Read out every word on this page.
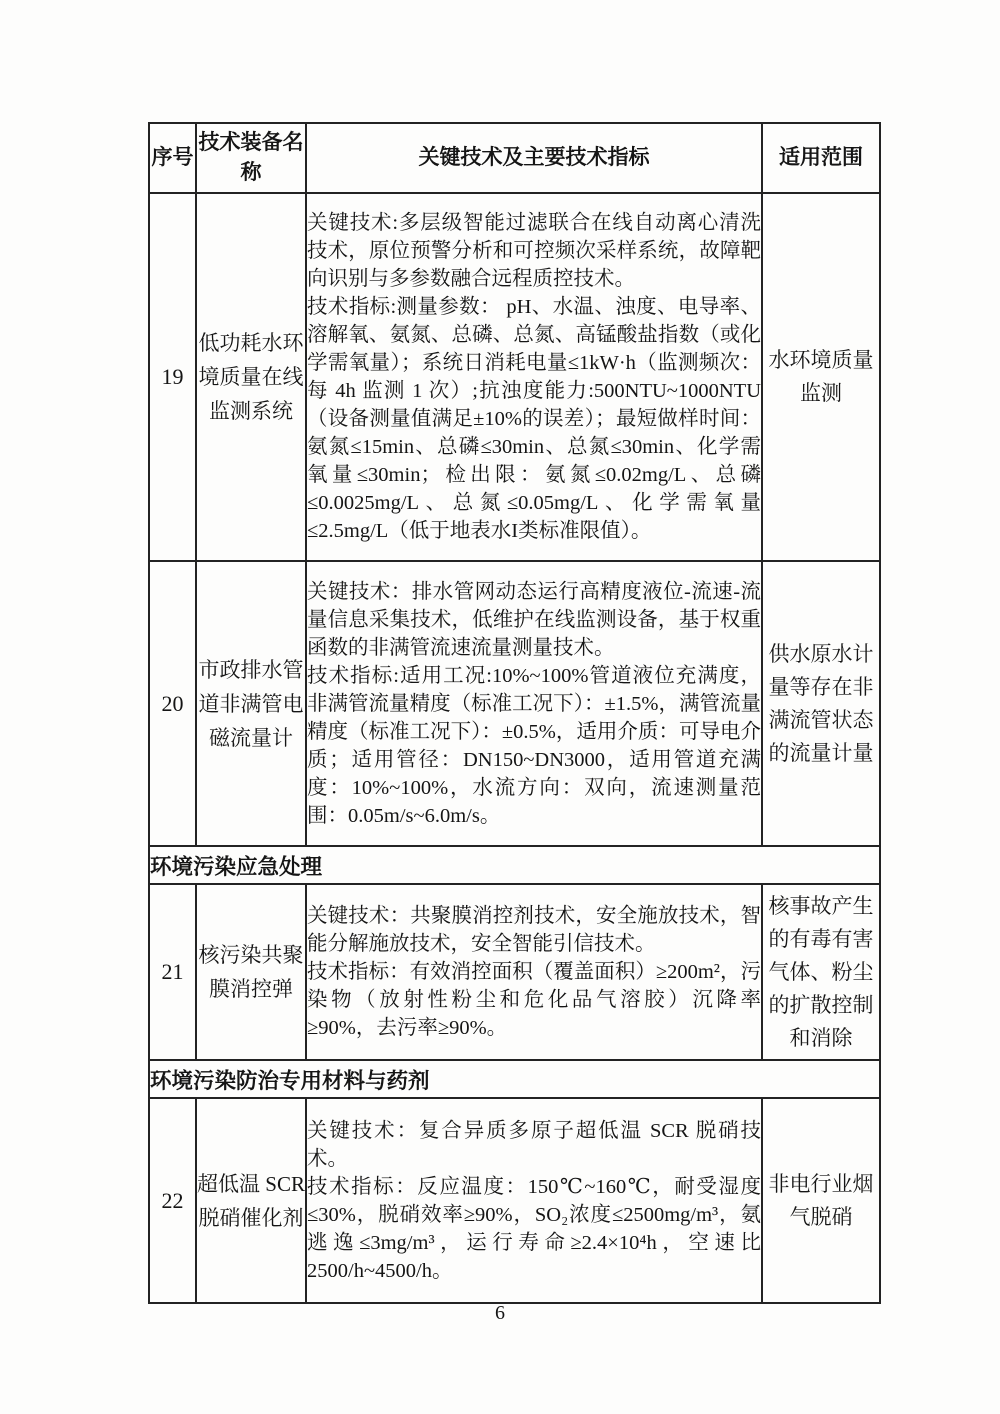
序号	技术装备名称	关键技术及主要技术指标	适用范围
19	低功耗水环境质量在线监测系统	关键技术:多层级智能过滤联合在线自动离心清洗技术，原位预警分析和可控频次采样系统，故障靶向识别与多参数融合远程质控技术。

技术指标:测量参数： pH、水温、浊度、电导率、溶解氧、氨氮、总磷、总氮、高锰酸盐指数（或化学需氧量）；系统日消耗电量≤1kW·h（监测频次：每 4h 监测 1 次）;抗浊度能力:500NTU~1000NTU（设备测量值满足±10%的误差）；最短做样时间：氨氮≤15min、总磷≤30min、总氮≤30min、化学需氧量≤30min；检出限：氨氮≤0.02mg/L、总磷≤0.0025mg/L、总氮≤0.05mg/L、化学需氧量≤2.5mg/L（低于地表水I类标准限值）。	水环境质量监测
20	市政排水管道非满管电磁流量计	关键技术：排水管网动态运行高精度液位-流速-流量信息采集技术，低维护在线监测设备，基于权重函数的非满管流速流量测量技术。

技术指标:适用工况:10%~100%管道液位充满度，非满管流量精度（标准工况下）：±1.5%，满管流量精度（标准工况下）：±0.5%，适用介质：可导电介质；适用管径：DN150~DN3000，适用管道充满度：10%~100%，水流方向：双向，流速测量范围：0.05m/s~6.0m/s。	供水原水计量等存在非满流管状态的流量计量
环境污染应急处理			
21	核污染共聚膜消控弹	关键技术：共聚膜消控剂技术，安全施放技术，智能分解施放技术，安全智能引信技术。

技术指标：有效消控面积（覆盖面积）≥200m²，污染物（放射性粉尘和危化品气溶胶）沉降率≥90%，去污率≥90%。	核事故产生的有毒有害气体、粉尘的扩散控制和消除
环境污染防治专用材料与药剂			
22	超低温 SCR 脱硝催化剂	关键技术：复合异质多原子超低温 SCR 脱硝技术。

技术指标：反应温度：150℃~160℃，耐受湿度≤30%，脱硝效率≥90%，SO₂浓度≤2500mg/m³，氨逃逸≤3mg/m³，运行寿命≥2.4×10⁴h，空速比2500/h~4500/h。	非电行业烟气脱硝
6
